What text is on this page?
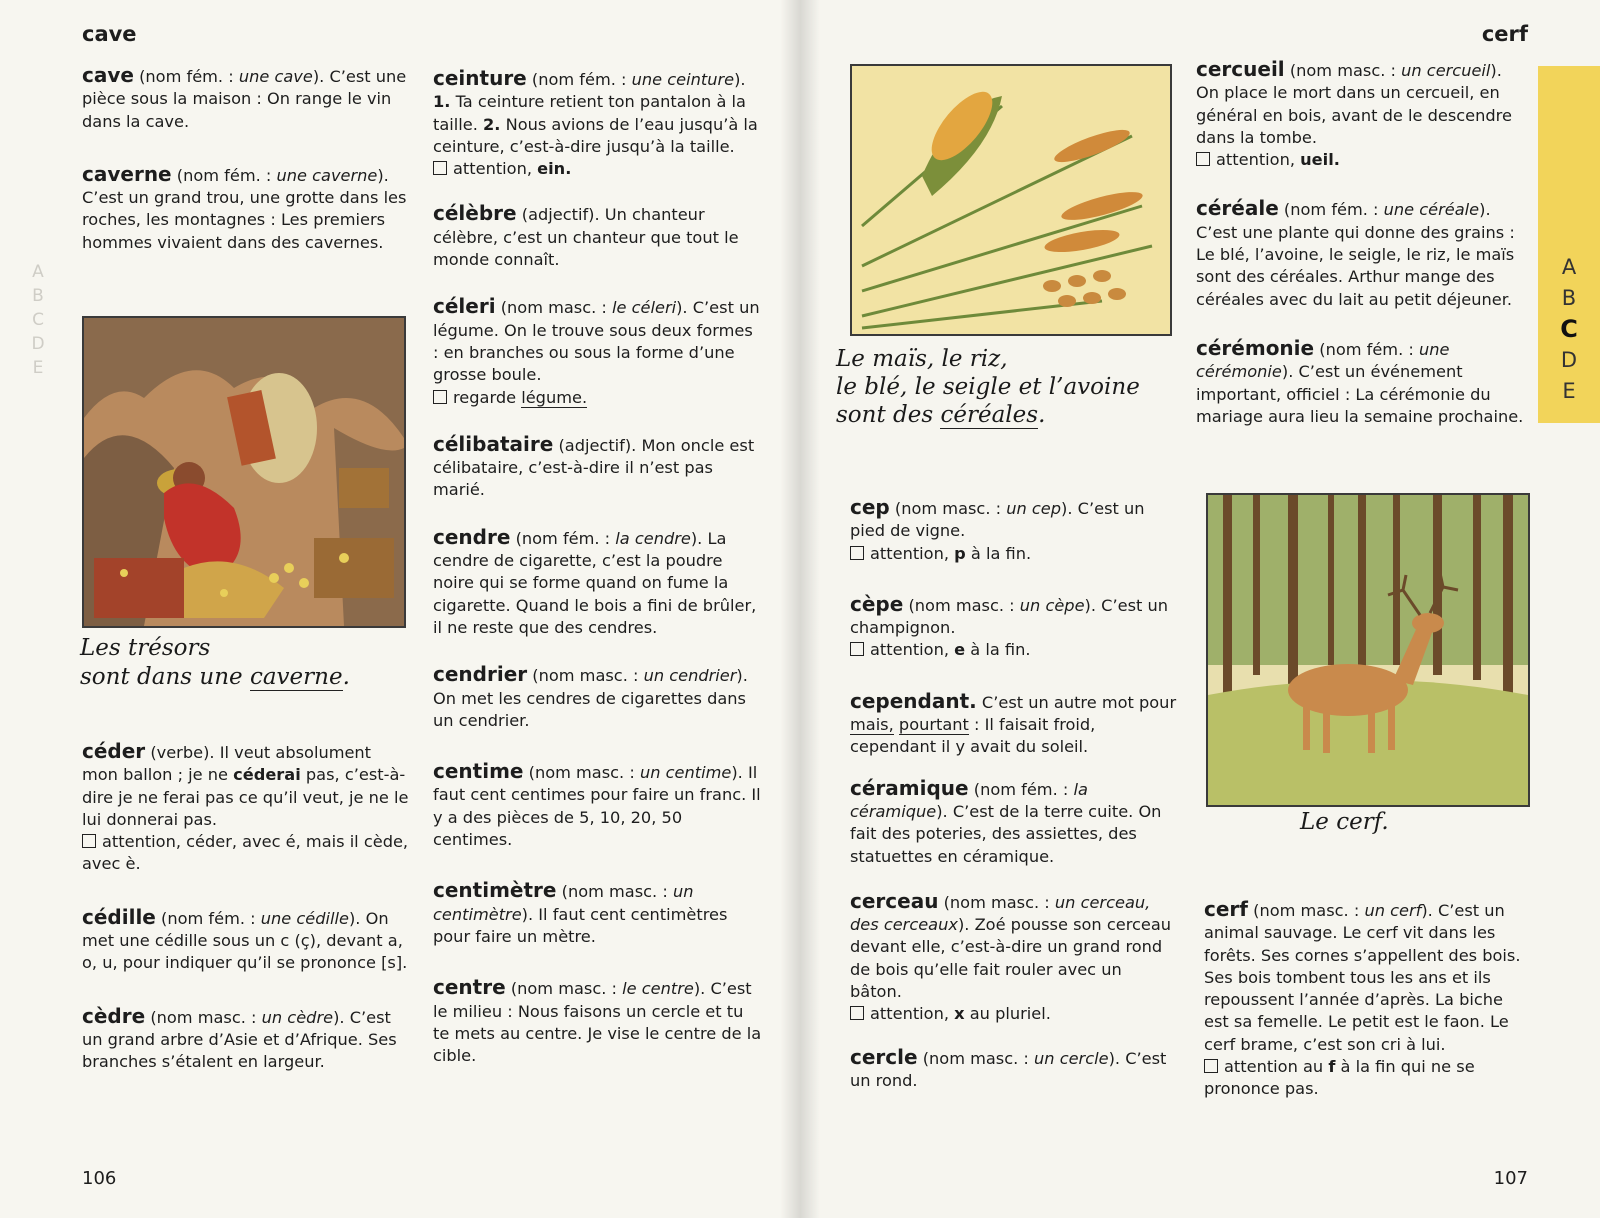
cave
A
B
C
D
E
cave (nom fém. : une cave). C’est une pièce sous la maison : On range le vin dans la cave.
caverne (nom fém. : une caverne). C’est un grand trou, une grotte dans les roches, les montagnes : Les premiers hommes vivaient dans des cavernes.
Les trésors
sont dans une caverne.
céder (verbe). Il veut absolument mon ballon ; je ne céderai pas, c’est-à-dire je ne ferai pas ce qu’il veut, je ne le lui donnerai pas.
attention, céder, avec é, mais il cède, avec è.
cédille (nom fém. : une cédille). On met une cédille sous un c (ç), devant a, o, u, pour indiquer qu’il se prononce [s].
cèdre (nom masc. : un cèdre). C’est un grand arbre d’Asie et d’Afrique. Ses branches s’étalent en largeur.
ceinture (nom fém. : une ceinture). 1. Ta ceinture retient ton pantalon à la taille. 2. Nous avions de l’eau jusqu’à la ceinture, c’est-à-dire jusqu’à la taille.
attention, ein.
célèbre (adjectif). Un chanteur célèbre, c’est un chanteur que tout le monde connaît.
céleri (nom masc. : le céleri). C’est un légume. On le trouve sous deux formes : en branches ou sous la forme d’une grosse boule.
regarde légume.
célibataire (adjectif). Mon oncle est célibataire, c’est-à-dire il n’est pas marié.
cendre (nom fém. : la cendre). La cendre de cigarette, c’est la poudre noire qui se forme quand on fume la cigarette. Quand le bois a fini de brûler, il ne reste que des cendres.
cendrier (nom masc. : un cendrier). On met les cendres de cigarettes dans un cendrier.
centime (nom masc. : un centime). Il faut cent centimes pour faire un franc. Il y a des pièces de 5, 10, 20, 50 centimes.
centimètre (nom masc. : un centimètre). Il faut cent centimètres pour faire un mètre.
centre (nom masc. : le centre). C’est le milieu : Nous faisons un cercle et tu te mets au centre. Je vise le centre de la cible.
106
cerf
Le maïs, le riz,
le blé, le seigle et l’avoine
sont des céréales.
cep (nom masc. : un cep). C’est un pied de vigne.
attention, p à la fin.
cèpe (nom masc. : un cèpe). C’est un champignon.
attention, e à la fin.
cependant. C’est un autre mot pour mais, pourtant : Il faisait froid, cependant il y avait du soleil.
céramique (nom fém. : la céramique). C’est de la terre cuite. On fait des poteries, des assiettes, des statuettes en céramique.
cerceau (nom masc. : un cerceau, des cerceaux). Zoé pousse son cerceau devant elle, c’est-à-dire un grand rond de bois qu’elle fait rouler avec un bâton.
attention, x au pluriel.
cercle (nom masc. : un cercle). C’est un rond.
cercueil (nom masc. : un cercueil). On place le mort dans un cercueil, en général en bois, avant de le descendre dans la tombe.
attention, ueil.
céréale (nom fém. : une céréale). C’est une plante qui donne des grains : Le blé, l’avoine, le seigle, le riz, le maïs sont des céréales. Arthur mange des céréales avec du lait au petit déjeuner.
cérémonie (nom fém. : une cérémonie). C’est un événement important, officiel : La cérémonie du mariage aura lieu la semaine prochaine.
Le cerf.
cerf (nom masc. : un cerf). C’est un animal sauvage. Le cerf vit dans les forêts. Ses cornes s’appellent des bois. Ses bois tombent tous les ans et ils repoussent l’année d’après. La biche est sa femelle. Le petit est le faon. Le cerf brame, c’est son cri à lui.
attention au f à la fin qui ne se prononce pas.
107
A
B
C
D
E
